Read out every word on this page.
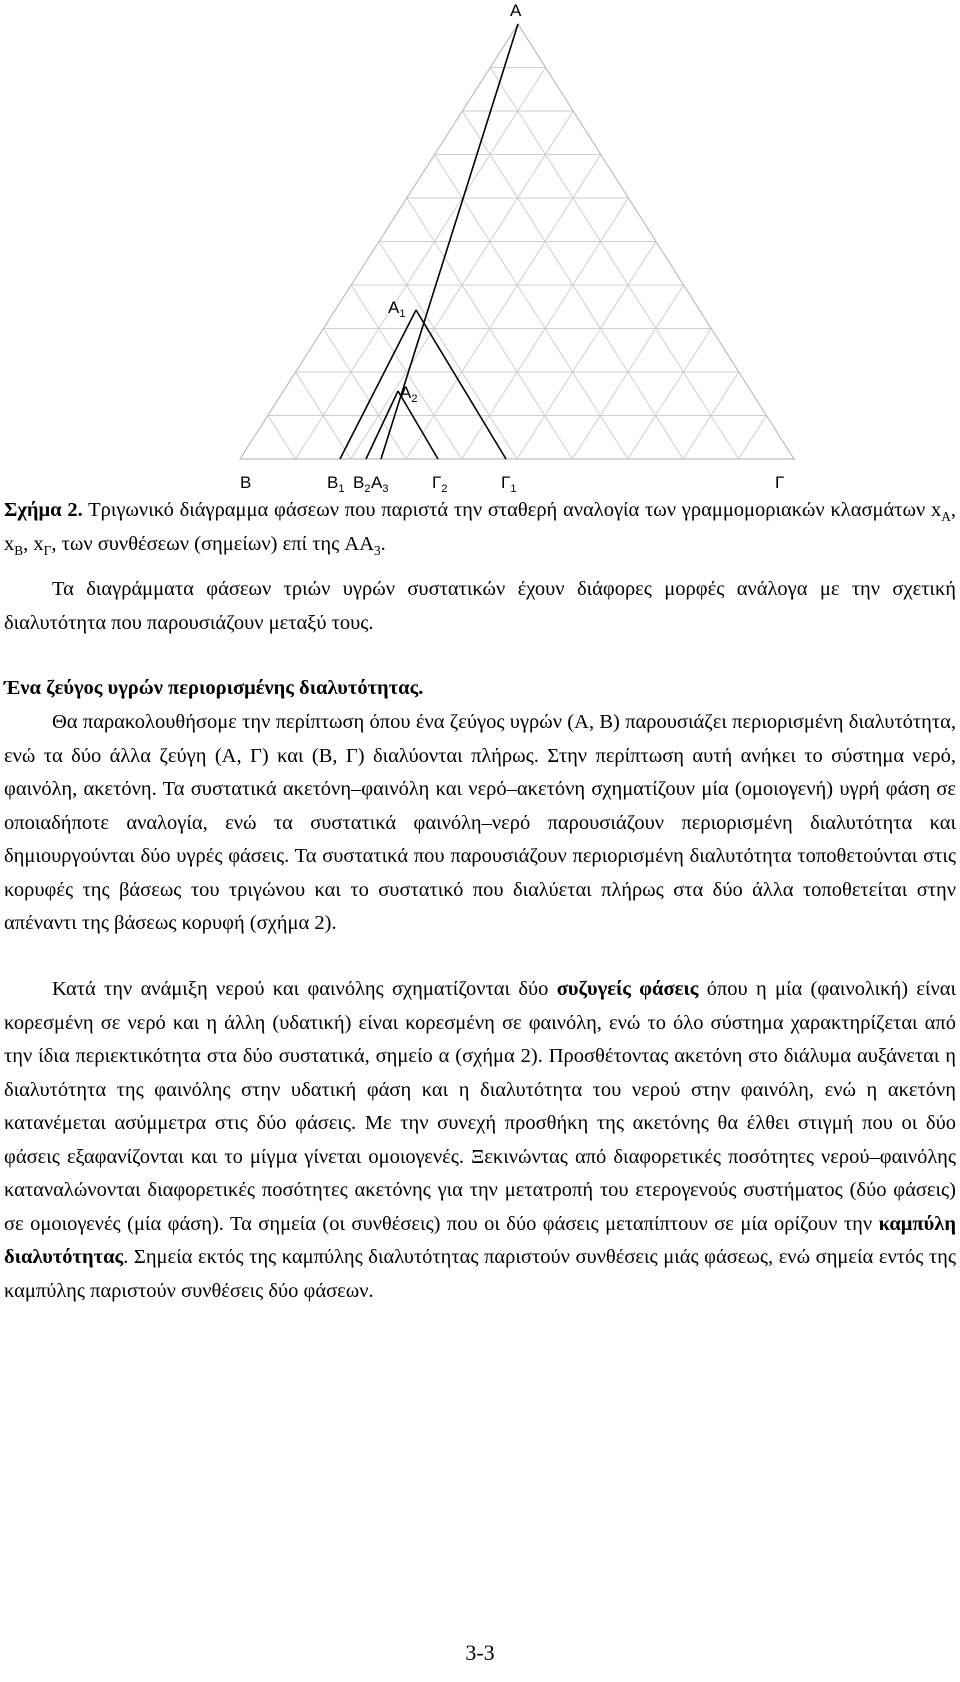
A
$A_1$
$A_2$
B	$B_1$ $B_2$ $A_3$	$\Gamma_2$	$\Gamma_1$	Γ
Σχήμα 2. Τριγωνικό διάγραμμα φάσεων που παριστά την σταθερή αναλογία των γραμμομοριακών κλασμάτων $x_A$, $x_B$, $x_\Gamma$, των συνθέσεων (σημείων) επί της $AA_3$.
Τα διαγράμματα φάσεων τριών υγρών συστατικών έχουν διάφορες μορφές ανάλογα με την σχετική διαλυτότητα που παρουσιάζουν μεταξύ τους.
Ένα ζεύγος υγρών περιορισμένης διαλυτότητας.
Θα παρακολουθήσομε την περίπτωση όπου ένα ζεύγος υγρών (A, B) παρουσιάζει περιορισμένη διαλυτότητα, ενώ τα δύο άλλα ζεύγη (A, Γ) και (B, Γ) διαλύονται πλήρως. Στην περίπτωση αυτή ανήκει το σύστημα νερό, φαινόλη, ακετόνη. Τα συστατικά ακετόνη–φαινόλη και νερό–ακετόνη σχηματίζουν μία (ομοιογενή) υγρή φάση σε οποιαδήποτε αναλογία, ενώ τα συστατικά φαινόλη–νερό παρουσιάζουν περιορισμένη διαλυτότητα και δημιουργούνται δύο υγρές φάσεις. Τα συστατικά που παρουσιάζουν περιορισμένη διαλυτότητα τοποθετούνται στις κορυφές της βάσεως του τριγώνου και το συστατικό που διαλύεται πλήρως στα δύο άλλα τοποθετείται στην απέναντι της βάσεως κορυφή (σχήμα 2).
Κατά την ανάμιξη νερού και φαινόλης σχηματίζονται δύο συζυγείς φάσεις όπου η μία (φαινολική) είναι κορεσμένη σε νερό και η άλλη (υδατική) είναι κορεσμένη σε φαινόλη, ενώ το όλο σύστημα χαρακτηρίζεται από την ίδια περιεκτικότητα στα δύο συστατικά, σημείο α (σχήμα 2). Προσθέτοντας ακετόνη στο διάλυμα αυξάνεται η διαλυτότητα της φαινόλης στην υδατική φάση και η διαλυτότητα του νερού στην φαινόλη, ενώ η ακετόνη κατανέμεται ασύμμετρα στις δύο φάσεις. Με την συνεχή προσθήκη της ακετόνης θα έλθει στιγμή που οι δύο φάσεις εξαφανίζονται και το μίγμα γίνεται ομοιογενές. Ξεκινώντας από διαφορετικές ποσότητες νερού–φαινόλης καταναλώνονται διαφορετικές ποσότητες ακετόνης για την μετατροπή του ετερογενούς συστήματος (δύο φάσεις) σε ομοιογενές (μία φάση). Τα σημεία (οι συνθέσεις) που οι δύο φάσεις μεταπίπτουν σε μία ορίζουν την καμπύλη διαλυτότητας. Σημεία εκτός της καμπύλης διαλυτότητας παριστούν συνθέσεις μιάς φάσεως, ενώ σημεία εντός της καμπύλης παριστούν συνθέσεις δύο φάσεων.
3-3
